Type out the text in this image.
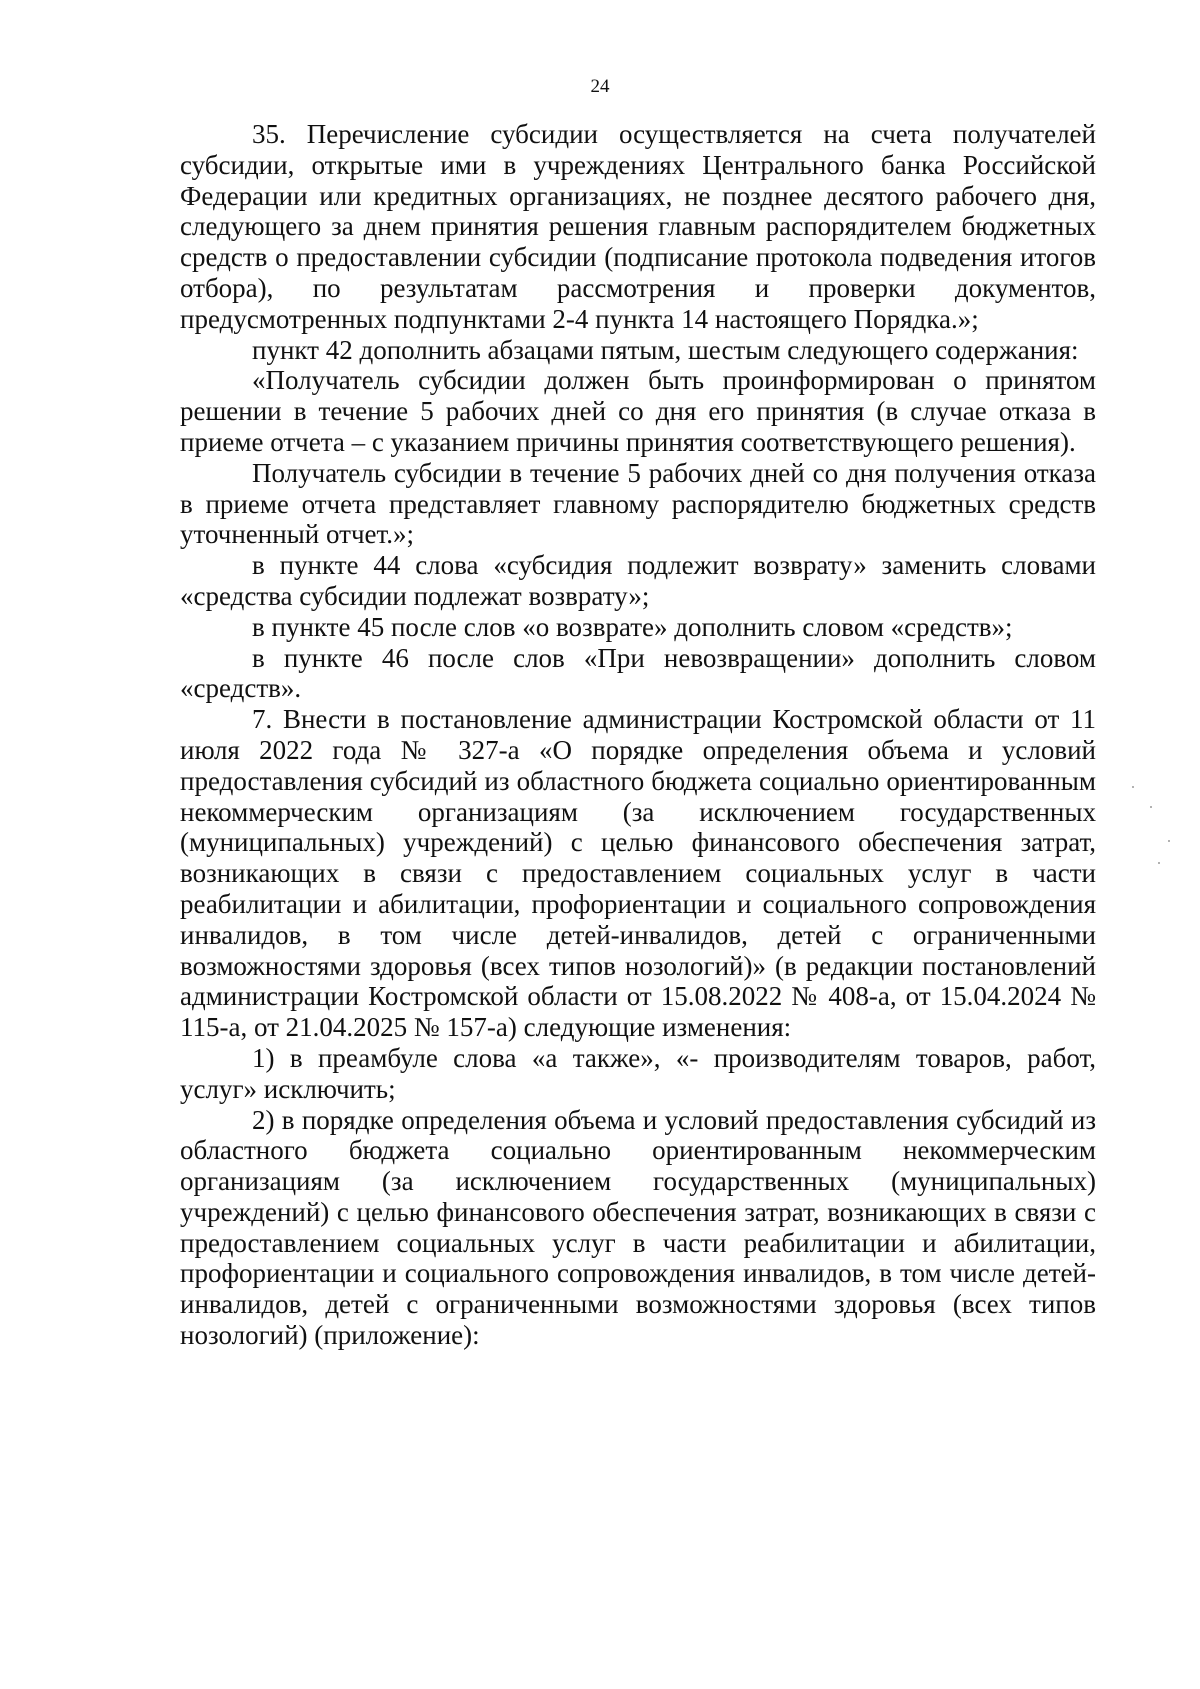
24

35. Перечисление субсидии осуществляется на счета получателей субсидии, открытые ими в учреждениях Центрального банка Российской Федерации или кредитных организациях, не позднее десятого рабочего дня, следующего за днем принятия решения главным распорядителем бюджетных средств о предоставлении субсидии (подписание протокола подведения итогов отбора), по результатам рассмотрения и проверки документов, предусмотренных подпунктами 2-4 пункта 14 настоящего Порядка.»;

пункт 42 дополнить абзацами пятым, шестым следующего содержания:

«Получатель субсидии должен быть проинформирован о принятом решении в течение 5 рабочих дней со дня его принятия (в случае отказа в приеме отчета – с указанием причины принятия соответствующего решения).

Получатель субсидии в течение 5 рабочих дней со дня получения отказа в приеме отчета представляет главному распорядителю бюджетных средств уточненный отчет.»;

в пункте 44 слова «субсидия подлежит возврату» заменить словами «средства субсидии подлежат возврату»;

в пункте 45 после слов «о возврате» дополнить словом «средств»;

в пункте 46 после слов «При невозвращении» дополнить словом «средств».

7. Внести в постановление администрации Костромской области от 11 июля 2022 года № 327-а «О порядке определения объема и условий предоставления субсидий из областного бюджета социально ориентированным некоммерческим организациям (за исключением государственных (муниципальных) учреждений) с целью финансового обеспечения затрат, возникающих в связи с предоставлением социальных услуг в части реабилитации и абилитации, профориентации и социального сопровождения инвалидов, в том числе детей-инвалидов, детей с ограниченными возможностями здоровья (всех типов нозологий)» (в редакции постановлений администрации Костромской области от 15.08.2022 № 408-а, от 15.04.2024 № 115-а, от 21.04.2025 № 157-а) следующие изменения:

1) в преамбуле слова «а также», «- производителям товаров, работ, услуг» исключить;

2) в порядке определения объема и условий предоставления субсидий из областного бюджета социально ориентированным некоммерческим организациям (за исключением государственных (муниципальных) учреждений) с целью финансового обеспечения затрат, возникающих в связи с предоставлением социальных услуг в части реабилитации и абилитации, профориентации и социального сопровождения инвалидов, в том числе детей-инвалидов, детей с ограниченными возможностями здоровья (всех типов нозологий) (приложение):
